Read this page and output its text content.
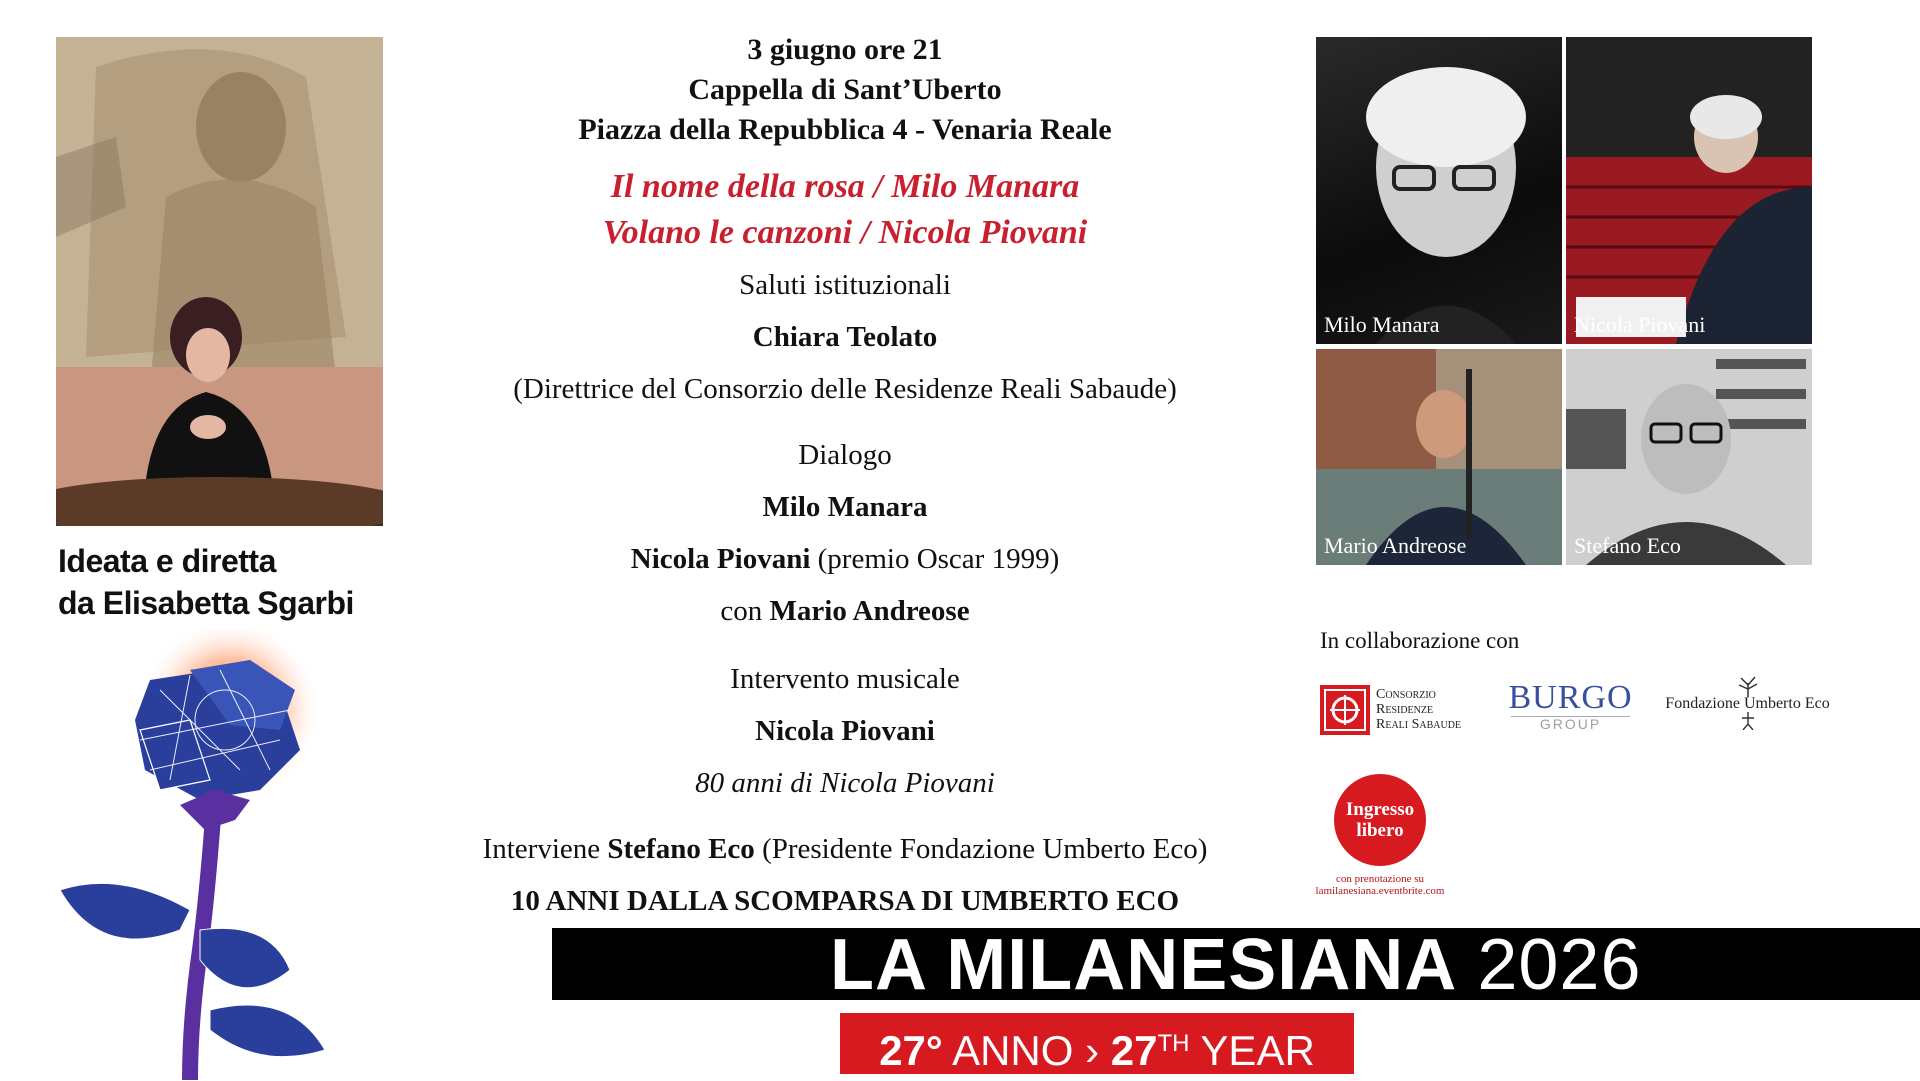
Ideata e diretta
da Elisabetta Sgarbi
3 giugno ore 21
Cappella di Sant’Uberto
Piazza della Repubblica 4 - Venaria Reale
Il nome della rosa / Milo Manara
Volano le canzoni / Nicola Piovani
Saluti istituzionali
Chiara Teolato
(Direttrice del Consorzio delle Residenze Reali Sabaude)
Dialogo
Milo Manara
Nicola Piovani (premio Oscar 1999)
con Mario Andreose
Intervento musicale
Nicola Piovani
80 anni di Nicola Piovani
Interviene Stefano Eco (Presidente Fondazione Umberto Eco)
10 ANNI DALLA SCOMPARSA DI UMBERTO ECO
Milo Manara	Nicola Piovani
Mario Andreose	Stefano Eco
In collaborazione con
Consorzio
Residenze
Reali Sabaude
BURGO
GROUP
Fondazione Umberto Eco
Ingresso
libero
con prenotazione su
lamilanesiana.eventbrite.com
LA MILANESIANA 2026
27° ANNO › 27TH YEAR
